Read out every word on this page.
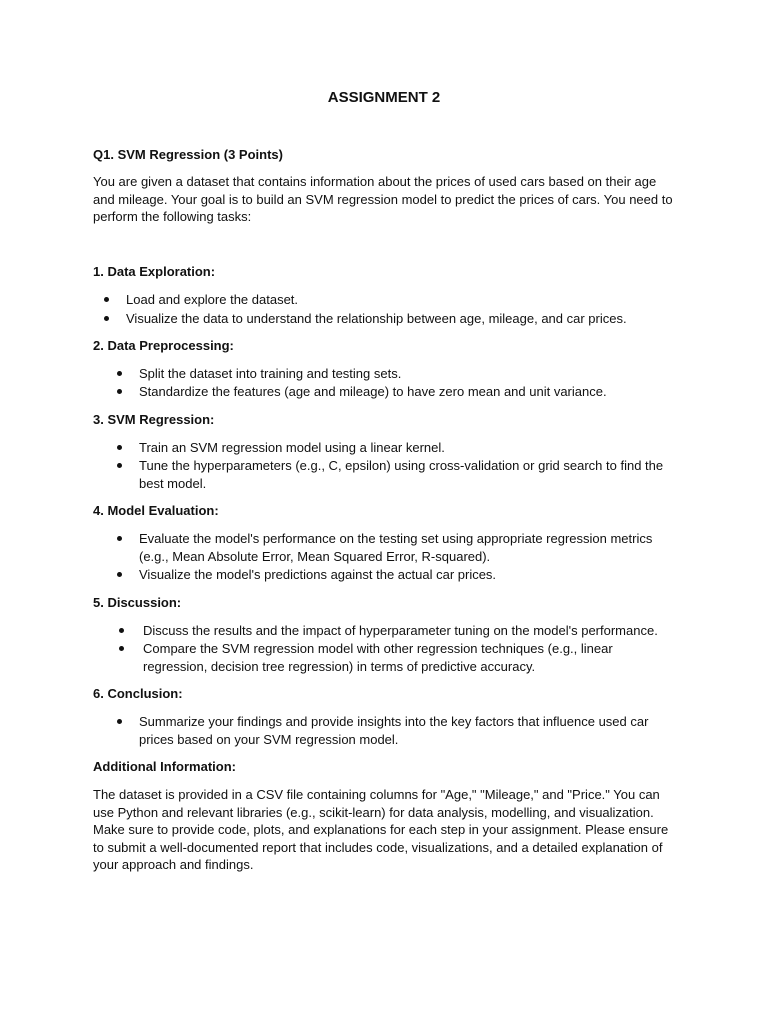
ASSIGNMENT 2
Q1. SVM Regression (3 Points)
You are given a dataset that contains information about the prices of used cars based on their age
and mileage. Your goal is to build an SVM regression model to predict the prices of cars. You need to
perform the following tasks:
1. Data Exploration:
Load and explore the dataset.
Visualize the data to understand the relationship between age, mileage, and car prices.
2. Data Preprocessing:
Split the dataset into training and testing sets.
Standardize the features (age and mileage) to have zero mean and unit variance.
3. SVM Regression:
Train an SVM regression model using a linear kernel.
Tune the hyperparameters (e.g., C, epsilon) using cross-validation or grid search to find the
best model.
4. Model Evaluation:
Evaluate the model's performance on the testing set using appropriate regression metrics
(e.g., Mean Absolute Error, Mean Squared Error, R-squared).
Visualize the model's predictions against the actual car prices.
5. Discussion:
Discuss the results and the impact of hyperparameter tuning on the model's performance.
Compare the SVM regression model with other regression techniques (e.g., linear
regression, decision tree regression) in terms of predictive accuracy.
6. Conclusion:
Summarize your findings and provide insights into the key factors that influence used car
prices based on your SVM regression model.
Additional Information:
The dataset is provided in a CSV file containing columns for "Age," "Mileage," and "Price." You can
use Python and relevant libraries (e.g., scikit-learn) for data analysis, modelling, and visualization.
Make sure to provide code, plots, and explanations for each step in your assignment. Please ensure
to submit a well-documented report that includes code, visualizations, and a detailed explanation of
your approach and findings.
